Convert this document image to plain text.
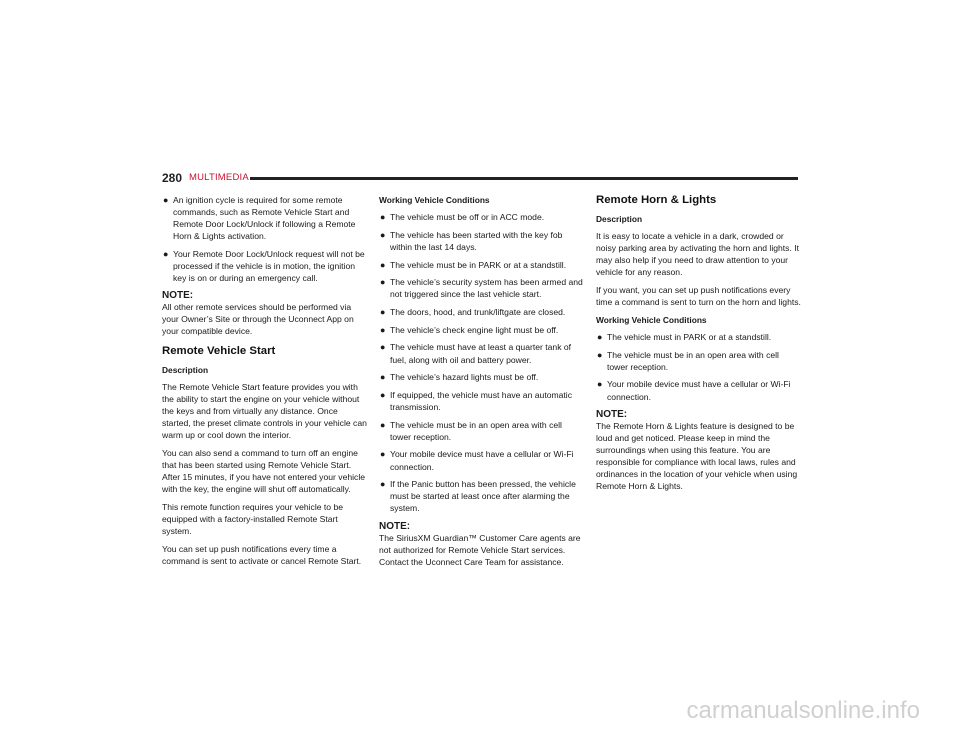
280 MULTIMEDIA
● An ignition cycle is required for some remote commands, such as Remote Vehicle Start and Remote Door Lock/Unlock if following a Remote Horn & Lights activation.
● Your Remote Door Lock/Unlock request will not be processed if the vehicle is in motion, the ignition key is on or during an emergency call.
NOTE:

All other remote services should be performed via your Owner’s Site or through the Uconnect App on your compatible device.

Remote Vehicle Start
Description

The Remote Vehicle Start feature provides you with the ability to start the engine on your vehicle without the keys and from virtually any distance. Once started, the preset climate controls in your vehicle can warm up or cool down the interior.

You can also send a command to turn off an engine that has been started using Remote Vehicle Start. After 15 minutes, if you have not entered your vehicle with the key, the engine will shut off automatically.

This remote function requires your vehicle to be equipped with a factory-installed Remote Start system.

You can set up push notifications every time a command is sent to activate or cancel Remote Start.

Working Vehicle Conditions
● The vehicle must be off or in ACC mode.
● The vehicle has been started with the key fob within the last 14 days.
● The vehicle must be in PARK or at a standstill.
● The vehicle’s security system has been armed and not triggered since the last vehicle start.
● The doors, hood, and trunk/liftgate are closed.
● The vehicle’s check engine light must be off.
● The vehicle must have at least a quarter tank of fuel, along with oil and battery power.
● The vehicle’s hazard lights must be off.
● If equipped, the vehicle must have an automatic transmission.
● The vehicle must be in an open area with cell tower reception.
● Your mobile device must have a cellular or Wi-Fi connection.
● If the Panic button has been pressed, the vehicle must be started at least once after alarming the system.
NOTE:

The SiriusXM Guardian™ Customer Care agents are not authorized for Remote Vehicle Start services. Contact the Uconnect Care Team for assistance.

Remote Horn & Lights
Description

It is easy to locate a vehicle in a dark, crowded or noisy parking area by activating the horn and lights. It may also help if you need to draw attention to your vehicle for any reason.

If you want, you can set up push notifications every time a command is sent to turn on the horn and lights.

Working Vehicle Conditions
● The vehicle must in PARK or at a standstill.
● The vehicle must be in an open area with cell tower reception.
● Your mobile device must have a cellular or Wi-Fi connection.
NOTE:

The Remote Horn & Lights feature is designed to be loud and get noticed. Please keep in mind the surroundings when using this feature. You are responsible for compliance with local laws, rules and ordinances in the location of your vehicle when using Remote Horn & Lights.

carmanualsonline.info
